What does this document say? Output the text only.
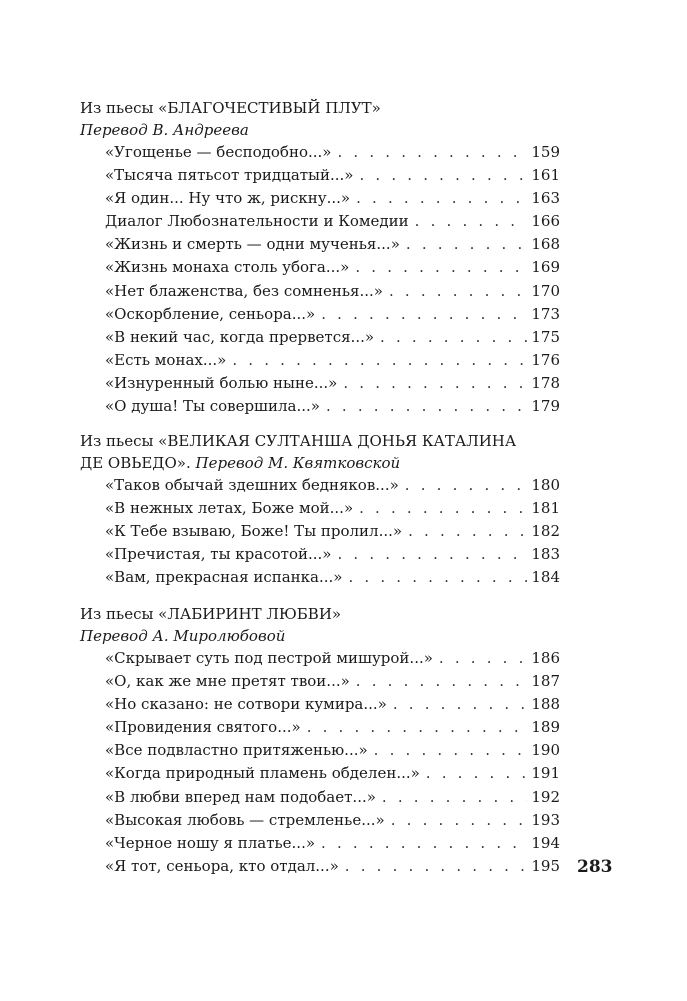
Из пьесы «БЛАГОЧЕСТИВЫЙ ПЛУТ»
Перевод В. Андреева
«Угощенье — бесподобно...» . . .	159
«Тысяча пятьсот тридцатый...» . . .	161
«Я один... Ну что ж, рискну...» . . .	163
Диалог Любознательности и Комедии . . .	166
«Жизнь и смерть — одни мученья...» . . .	168
«Жизнь монаха столь убога...» . . .	169
«Нет блаженства, без сомненья...» . . .	170
«Оскорбление, сеньора...» . . .	173
«В некий час, когда прервется...» . . .	175
«Есть монах...» . . .	176
«Изнуренный болью ныне...» . . .	178
«О душа! Ты совершила...» . . .	179
Из пьесы «ВЕЛИКАЯ СУЛТАНША ДОНЬЯ КАТАЛИНА
ДЕ ОВЬЕДО». Перевод М. Квятковской
«Таков обычай здешних бедняков...» . . .	180
«В нежных летах, Боже мой...» . . .	181
«К Тебе взываю, Боже! Ты пролил...» . . .	182
«Пречистая, ты красотой...» . . .	183
«Вам, прекрасная испанка...» . . .	184
Из пьесы «ЛАБИРИНТ ЛЮБВИ»
Перевод А. Миролюбовой
«Скрывает суть под пестрой мишурой...» . . .	186
«О, как же мне претят твои...» . . .	187
«Но сказано: не сотвори кумира...» . . .	188
«Провидения святого...» . . .	189
«Все подвластно притяженью...» . . .	190
«Когда природный пламень обделен...» . . .	191
«В любви вперед нам подобает...» . . .	192
«Высокая любовь — стремленье...» . . .	193
«Черное ношу я платье...» . . .	194
«Я тот, сеньора, кто отдал...» . . .	195 283
